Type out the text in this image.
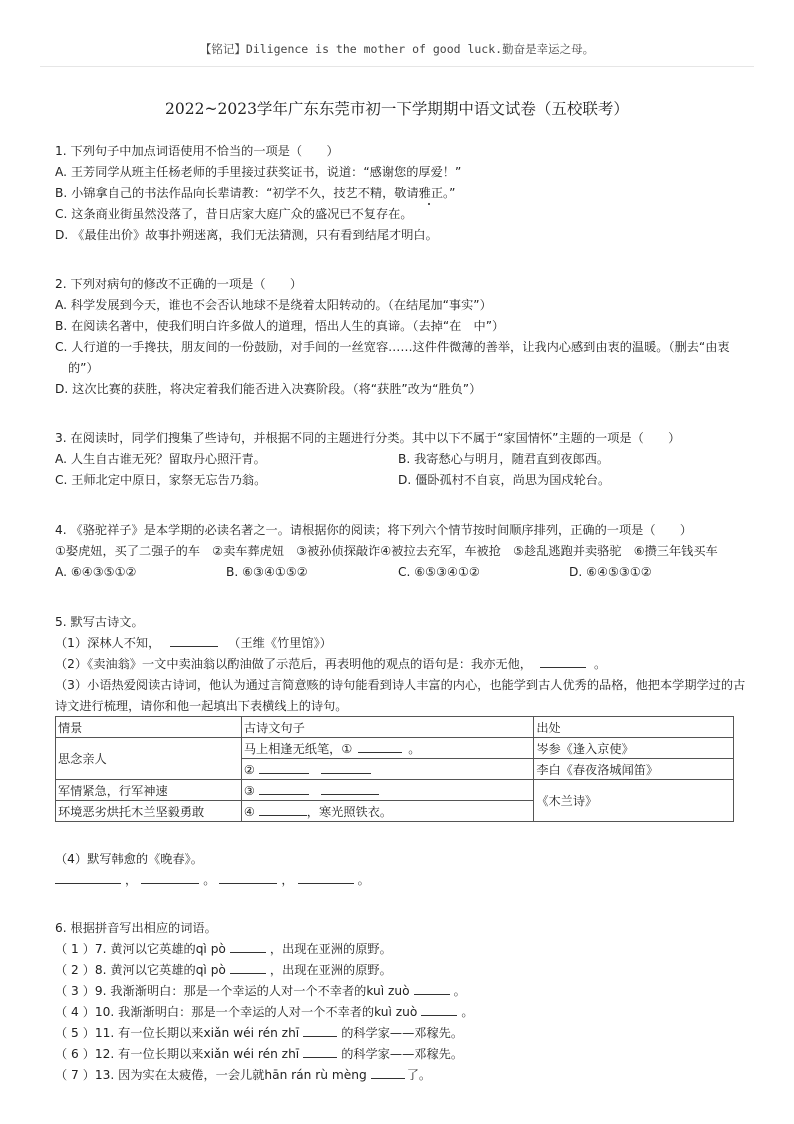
【铭记】Diligence is the mother of good luck.勤奋是幸运之母。
2022~2023学年广东东莞市初一下学期期中语文试卷（五校联考）
1. 下列句子中加点词语使用不恰当的一项是（　　）
A. 王芳同学从班主任杨老师的手里接过获奖证书，说道：“感谢您的厚爱！”
B. 小锦拿自己的书法作品向长辈请教：“初学不久，技艺不精，敬请雅正。”
C. 这条商业街虽然没落了，昔日店家大庭广众的盛况已不复存在。
D. 《最佳出价》故事扑朔迷离，我们无法猜测，只有看到结尾才明白。
2. 下列对病句的修改不正确的一项是（　　）
A. 科学发展到今天，谁也不会否认地球不是绕着太阳转动的。（在结尾加“事实”）
B. 在阅读名著中，使我们明白许多做人的道理，悟出人生的真谛。（去掉“在　中”）
C. 人行道的一手搀扶，朋友间的一份鼓励，对手间的一丝宽容……这件件微薄的善举，让我内心感到由衷的温暖。（删去“由衷
的”）
D. 这次比赛的获胜，将决定着我们能否进入决赛阶段。（将“获胜”改为“胜负”）
3. 在阅读时，同学们搜集了些诗句，并根据不同的主题进行分类。其中以下不属于“家国情怀”主题的一项是（　　）
A. 人生自古谁无死？留取丹心照汗青。	B. 我寄愁心与明月，随君直到夜郎西。
C. 王师北定中原日，家祭无忘告乃翁。	D. 僵卧孤村不自哀，尚思为国戍轮台。
4. 《骆驼祥子》是本学期的必读名著之一。请根据你的阅读；将下列六个情节按时间顺序排列，正确的一项是（　　）
①娶虎妞，买了二强子的车　②卖车葬虎妞　③被孙侦探敲诈④被拉去充军，车被抢　⑤趁乱逃跑并卖骆驼　⑥攒三年钱买车
A. ⑥④③⑤①②	B. ⑥③④①⑤②	C. ⑥⑤③④①②	D. ⑥④⑤③①②
5. 默写古诗文。
（1）深林人不知，	（王维《竹里馆》）
（2）《卖油翁》一文中卖油翁以酌油做了示范后，再表明他的观点的语句是：我亦无他，	。
（3）小语热爱阅读古诗词，他认为通过言简意赅的诗句能看到诗人丰富的内心，也能学到古人优秀的品格，他把本学期学过的古
诗文进行梳理，请你和他一起填出下表横线上的诗句。
情景	古诗文句子	出处
思念亲人	马上相逢无纸笔，① 。	岑参《逢入京使》
	②	李白《春夜洛城闻笛》
军情紧急，行军神速	③	《木兰诗》
环境恶劣烘托木兰坚毅勇敢	④ ，寒光照铁衣。	
（4）默写韩愈的《晚春》。
，	。	，	。
6. 根据拼音写出相应的词语。
（ 1 ）7. 黄河以它英雄的qì pò	，出现在亚洲的原野。
（ 2 ）8. 黄河以它英雄的qì pò	，出现在亚洲的原野。
（ 3 ）9. 我渐渐明白：那是一个幸运的人对一个不幸者的kuì zuò	。
（ 4 ）10. 我渐渐明白：那是一个幸运的人对一个不幸者的kuì zuò	。
（ 5 ）11. 有一位长期以来xiǎn wéi rén zhī	的科学家——邓稼先。
（ 6 ）12. 有一位长期以来xiǎn wéi rén zhī	的科学家——邓稼先。
（ 7 ）13. 因为实在太疲倦，一会儿就hān rán rù mèng	了。
